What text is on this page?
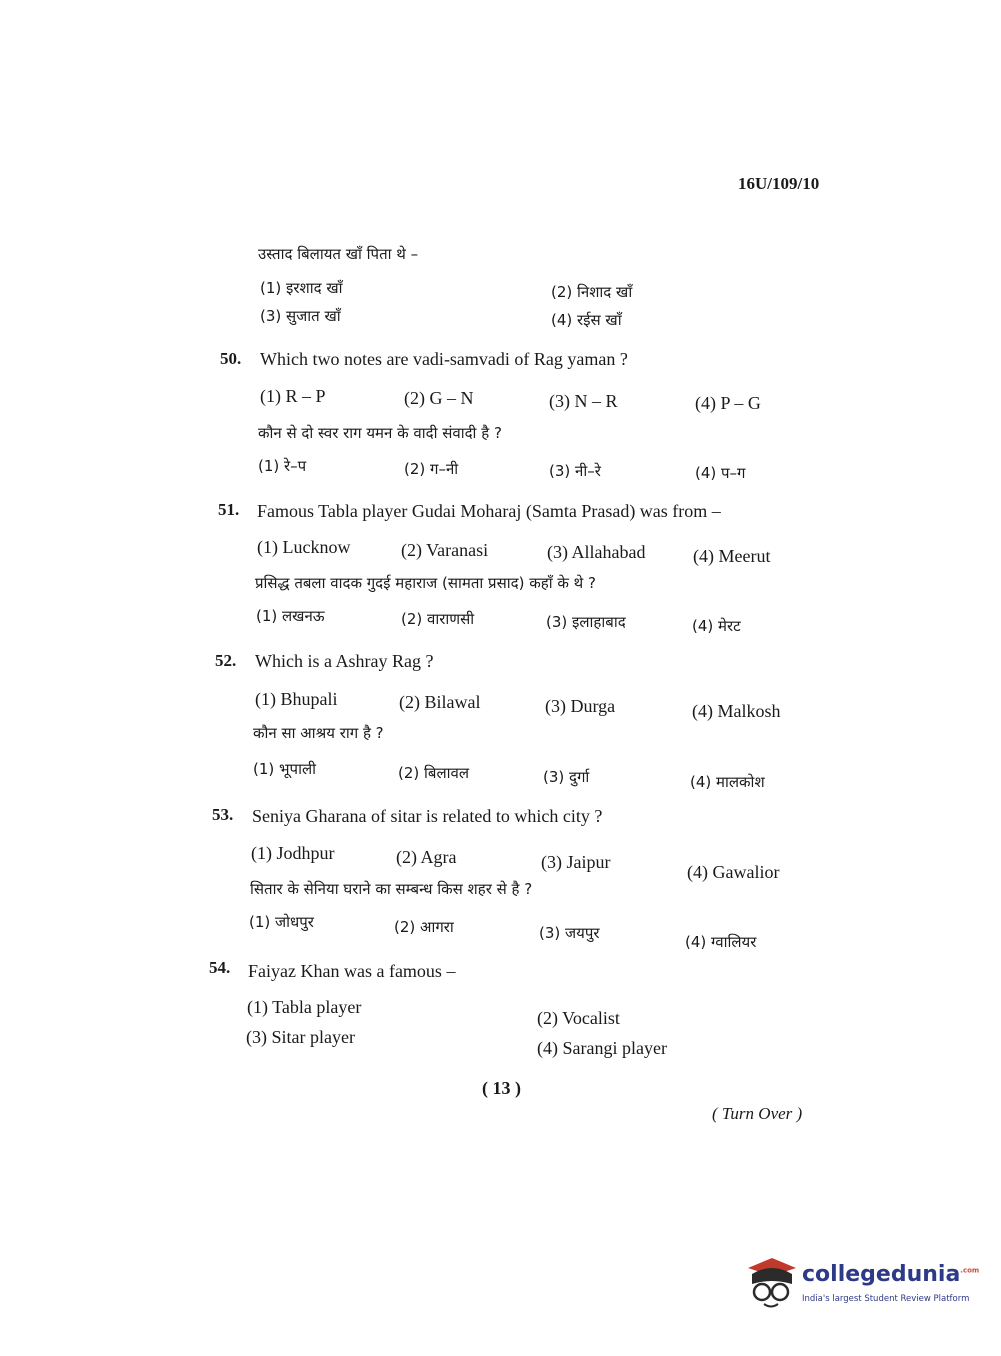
16U/109/10
उस्ताद बिलायत खाँ पिता थे –
(1) इरशाद खाँ	(2) निशाद खाँ
(3) सुजात खाँ	(4) रईस खाँ
50. Which two notes are vadi-samvadi of Rag yaman ?
(1) R – P	(2) G – N	(3) N – R	(4) P – G
कौन से दो स्वर राग यमन के वादी संवादी है ?
(1) रे–प	(2) ग–नी	(3) नी–रे	(4) प–ग
51. Famous Tabla player Gudai Moharaj (Samta Prasad) was from –
(1) Lucknow	(2) Varanasi	(3) Allahabad	(4) Meerut
प्रसिद्ध तबला वादक गुदई महाराज (सामता प्रसाद) कहाँ के थे ?
(1) लखनऊ	(2) वाराणसी	(3) इलाहाबाद	(4) मेरट
52. Which is a Ashray Rag ?
(1) Bhupali	(2) Bilawal	(3) Durga	(4) Malkosh
कौन सा आश्रय राग है ?
(1) भूपाली	(2) बिलावल	(3) दुर्गा	(4) मालकोश
53. Seniya Gharana of sitar is related to which city ?
(1) Jodhpur	(2) Agra	(3) Jaipur	(4) Gawalior
सितार के सेनिया घराने का सम्बन्ध किस शहर से है ?
(1) जोधपुर	(2) आगरा	(3) जयपुर	(4) ग्वालियर
54. Faiyaz Khan was a famous –
(1) Tabla player
(2) Vocalist
(3) Sitar player
(4) Sarangi player
( 13 )
( Turn Over )
collegedunia$^{.com}$
India's largest Student Review Platform
